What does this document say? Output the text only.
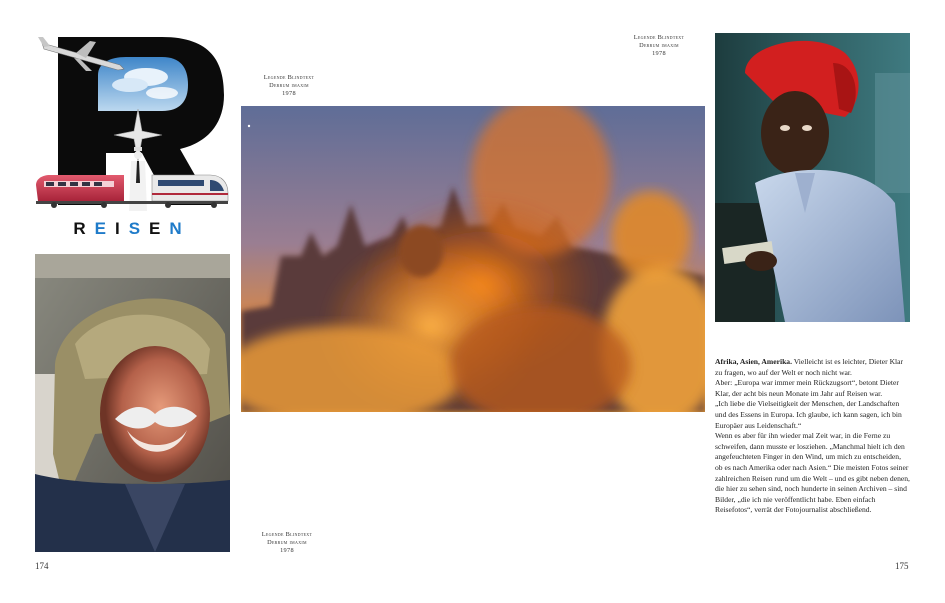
REISEN
Legende Blindtext
Derrum imaxim
1978
Legende Blindtext
Derrum imaxim
1978
Legende Blindtext
Derrum imaxim
1978

Afrika, Asien, Amerika. Vielleicht ist es leichter, Dieter Klar zu fragen, wo auf der Welt er noch nicht war.

Aber: „Europa war immer mein Rückzugsort“, betont Dieter Klar, der acht bis neun Monate im Jahr auf Reisen war.

„Ich liebe die Vielseitigkeit der Menschen, der Landschaften und des Essens in Europa. Ich glaube, ich kann sagen, ich bin Europäer aus Leidenschaft.“

Wenn es aber für ihn wieder mal Zeit war, in die Ferne zu schweifen, dann musste er losziehen. „Manchmal hielt ich den angefeuchteten Finger in den Wind, um mich zu entscheiden, ob es nach Amerika oder nach Asien.“ Die meisten Fotos seiner zahlreichen Reisen rund um die Welt – und es gibt neben denen, die hier zu sehen sind, noch hunderte in seinen Archiven – sind Bilder, „die ich nie veröffentlicht habe. Eben einfach Reisefotos“, verrät der Fotojournalist abschließend.

174	175
